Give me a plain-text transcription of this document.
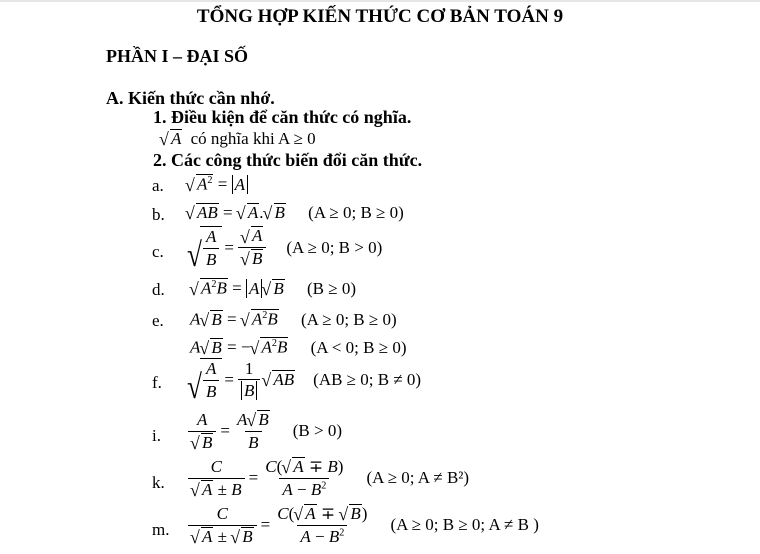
TỔNG HỢP KIẾN THỨC CƠ BẢN TOÁN 9
PHẦN I – ĐẠI SỐ
A. Kiến thức cần nhớ.
1. Điều kiện để căn thức có nghĩa.
√ A có nghĩa khi A ≥ 0
2. Các công thức biến đổi căn thức.
a.	√ $A^2 = A$
b.	√ AB = √ A. √ B (A ≥ 0; B ≥ 0)
c. √ $\frac{A}{B}$ = √ A
√ B (A ≥ 0; B > 0)
d.	√ $A^2B = A$ √ B (B ≥ 0)
e. A √ B = √ $A^2B$ (A ≥ 0; B ≥ 0)
A √ B = − √ $A^2B$ (A < 0; B ≥ 0)
f. √ $\frac{A}{B} = \frac{1}{B}$ √ AB (AB ≥ 0; B ≠ 0)
i. A
√ $B = \frac{A √ B}{B} (B > 0)$
k. C
√ $A \pm B = \frac{C( √ A \mp B)}{A - B^2} (A \ge 0$; A ≠ B²)
m. C
√ A ± √ $B = \frac{C( √ A \mp √ B)}{A - B^2} (A \ge 0$; B ≥ 0; A ≠ B )
